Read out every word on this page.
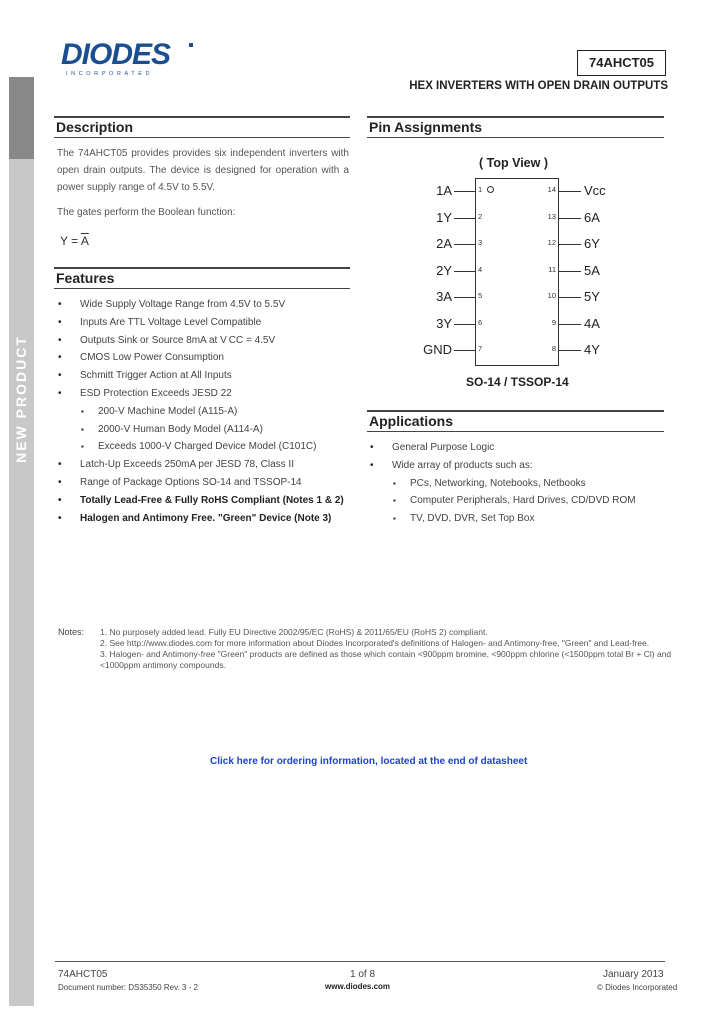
NEW PRODUCT
DIODES
INCORPORATED
74AHCT05
HEX INVERTERS WITH OPEN DRAIN OUTPUTS
Description
The 74AHCT05 provides provides six independent inverters with open drain outputs. The device is designed for operation with a power supply range of 4.5V to 5.5V.
The gates perform the Boolean function:
$Y = \overline{A}$
Features
• Wide Supply Voltage Range from 4.5V to 5.5V
• Inputs Are TTL Voltage Level Compatible
• Outputs Sink or Source 8mA at V CC = 4.5V
• CMOS Low Power Consumption
• Schmitt Trigger Action at All Inputs
• ESD Protection Exceeds JESD 22
▪ 200-V Machine Model (A115-A)
▪ 2000-V Human Body Model (A114-A)
▪ Exceeds 1000-V Charged Device Model (C101C)
• Latch-Up Exceeds 250mA per JESD 78, Class II
• Range of Package Options SO-14 and TSSOP-14
• Totally Lead-Free & Fully RoHS Compliant (Notes 1 & 2)
• Halogen and Antimony Free. "Green" Device (Note 3)
Pin Assignments
( Top View )
1A	1
1Y	2
2A	3
2Y	4
3A	5
3Y	6
GND	7
14 Vcc
13 6A
12 6Y
11 5A
10 5Y
9 4A
8 4Y
SO-14 / TSSOP-14
Applications
• General Purpose Logic
• Wide array of products such as:
▪ PCs, Networking, Notebooks, Netbooks
▪ Computer Peripherals, Hard Drives, CD/DVD ROM
▪ TV, DVD, DVR, Set Top Box
Notes: 1. No purposely added lead. Fully EU Directive 2002/95/EC (RoHS) & 2011/65/EU (RoHS 2) compliant.
2. See http://www.diodes.com for more information about Diodes Incorporated's definitions of Halogen- and Antimony-free, "Green" and Lead-free.
3. Halogen- and Antimony-free "Green" products are defined as those which contain <900ppm bromine, <900ppm chlorine (<1500ppm total Br + Cl) and
<1000ppm antimony compounds.
Click here for ordering information, located at the end of datasheet
74AHCT05
Document number: DS35350 Rev. 3 - 2
1 of 8
www.diodes.com
January 2013
© Diodes Incorporated
